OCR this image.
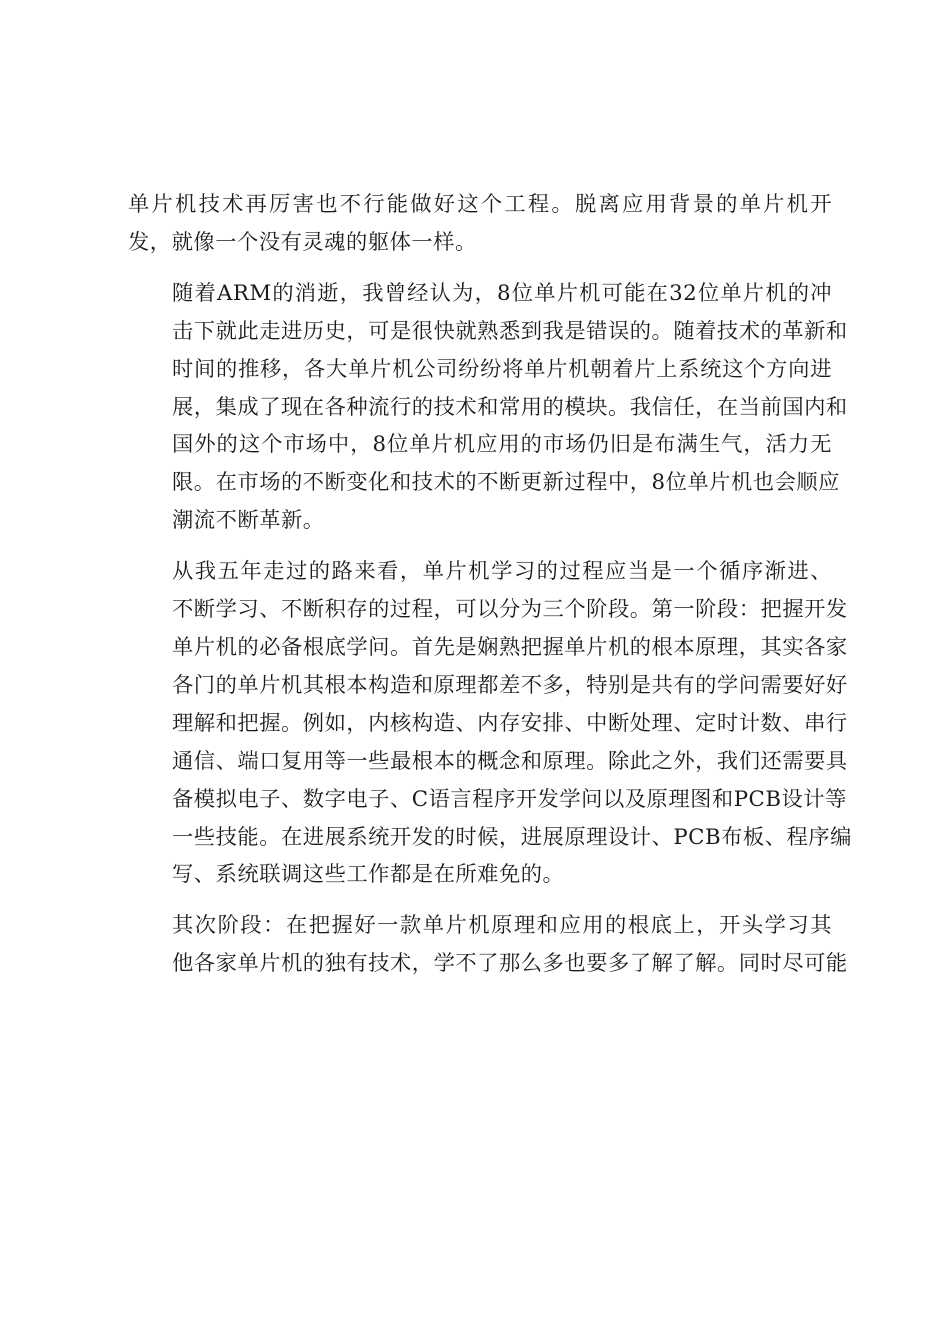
单片机技术再厉害也不行能做好这个工程。脱离应用背景的单片机开
发，就像一个没有灵魂的躯体一样。

随着ARM的消逝，我曾经认为，8位单片机可能在32位单片机的冲
击下就此走进历史，可是很快就熟悉到我是错误的。随着技术的革新和
时间的推移，各大单片机公司纷纷将单片机朝着片上系统这个方向进
展，集成了现在各种流行的技术和常用的模块。我信任，在当前国内和
国外的这个市场中，8位单片机应用的市场仍旧是布满生气，活力无
限。在市场的不断变化和技术的不断更新过程中，8位单片机也会顺应
潮流不断革新。

从我五年走过的路来看，单片机学习的过程应当是一个循序渐进、
不断学习、不断积存的过程，可以分为三个阶段。第一阶段：把握开发
单片机的必备根底学问。首先是娴熟把握单片机的根本原理，其实各家
各门的单片机其根本构造和原理都差不多，特别是共有的学问需要好好
理解和把握。例如，内核构造、内存安排、中断处理、定时计数、串行
通信、端口复用等一些最根本的概念和原理。除此之外，我们还需要具
备模拟电子、数字电子、C语言程序开发学问以及原理图和PCB设计等
一些技能。在进展系统开发的时候，进展原理设计、PCB布板、程序编
写、系统联调这些工作都是在所难免的。

其次阶段：在把握好一款单片机原理和应用的根底上，开头学习其
他各家单片机的独有技术，学不了那么多也要多了解了解。同时尽可能
